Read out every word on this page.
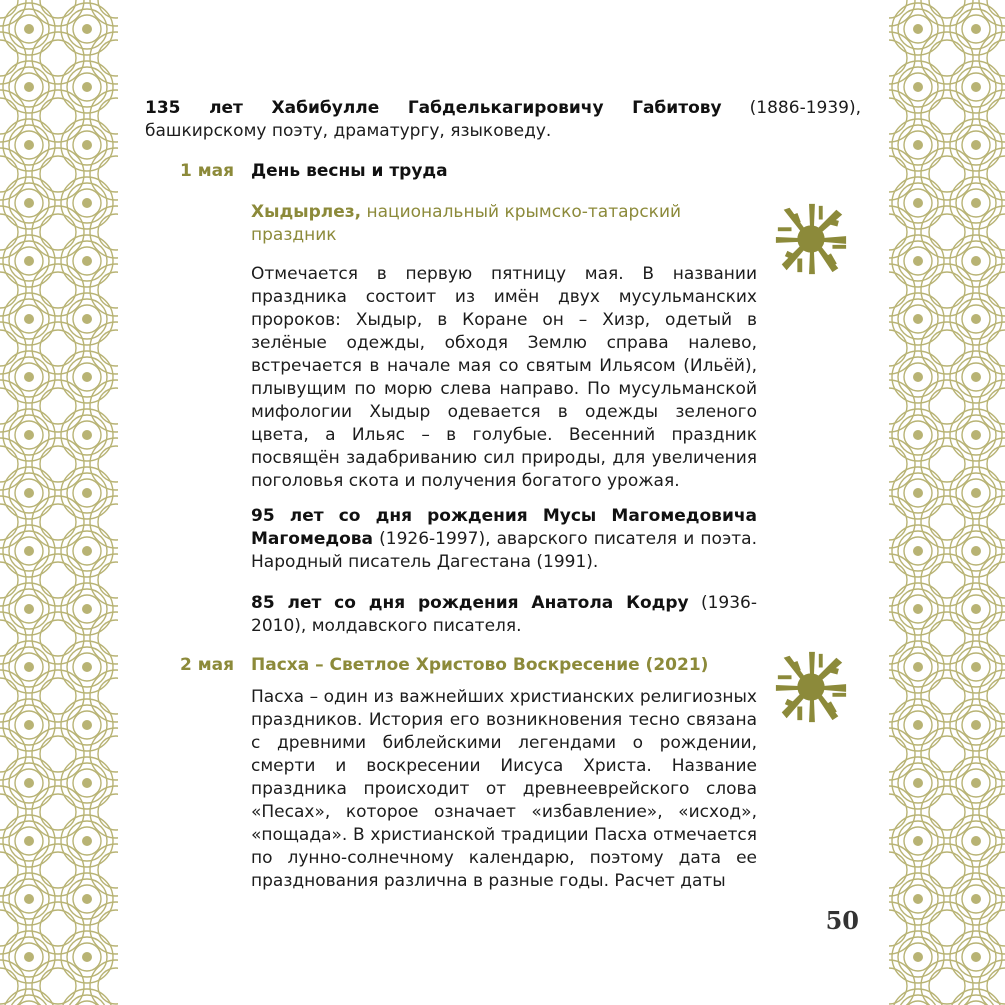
135 лет Хабибулле Габделькагировичу Габитову (1886-1939), башкирскому поэту, драматургу, языковеду.

1 мая День весны и труда

Хыдырлез, национальный крымско-татарский праздник

Отмечается в первую пятницу мая. В названии праздника состоит из имён двух мусульманских пророков: Хыдыр, в Коране он – Хизр, одетый в зелёные одежды, обходя Землю справа налево, встречается в начале мая со святым Ильясом (Ильёй), плывущим по морю слева направо. По мусульманской мифологии Хыдыр одевается в одежды зеленого цвета, а Ильяс – в голубые. Весенний праздник посвящён задабриванию сил природы, для увеличения поголовья скота и получения богатого урожая.

95 лет со дня рождения Мусы Магомедовича Магомедова (1926-1997), аварского писателя и поэта. Народный писатель Дагестана (1991).

85 лет со дня рождения Анатола Кодру (1936-2010), молдавского писателя.

2 мая Пасха – Светлое Христово Воскресение (2021)

Пасха – один из важнейших христианских религиозных праздников. История его возникновения тесно связана с древними библейскими легендами о рождении, смерти и воскресении Иисуса Христа. Название праздника происходит от древнееврейского слова «Песах», которое означает «избавление», «исход», «пощада». В христианской традиции Пасха отмечается по лунно-солнечному календарю, поэтому дата ее празднования различна в разные годы. Расчет даты

50
